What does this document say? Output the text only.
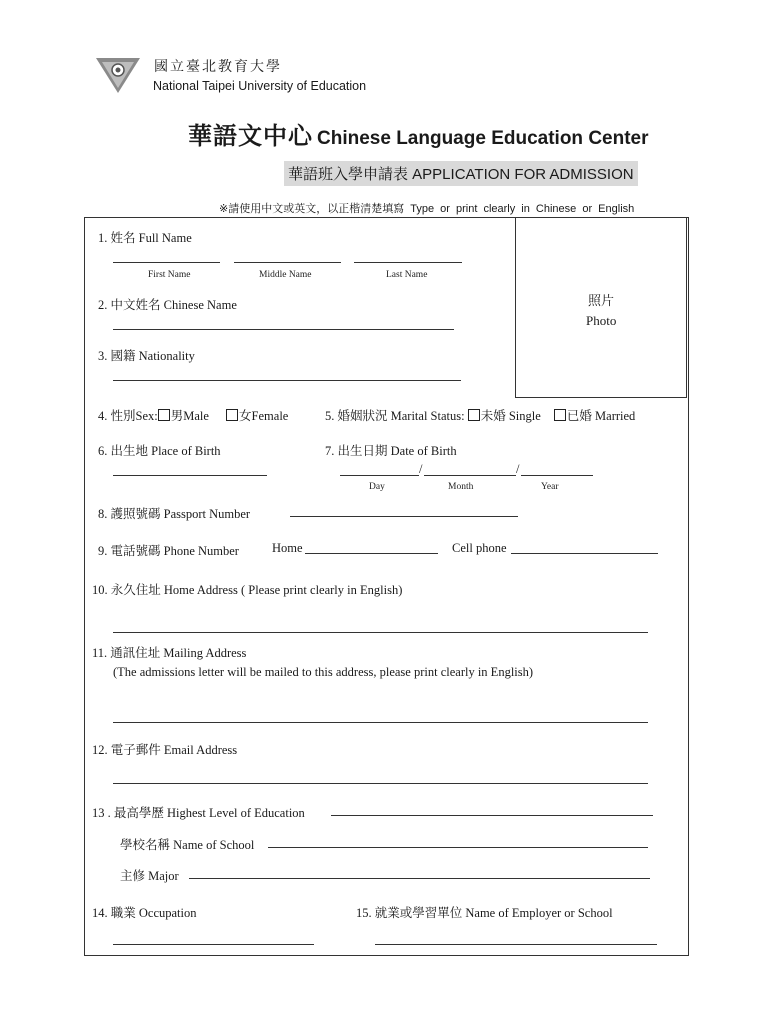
國立臺北教育大學
National Taipei University of Education
華語文中心 Chinese Language Education Center
華語班入學申請表 APPLICATION FOR ADMISSION
※請使用中文或英文，以正楷清楚填寫 Type or print clearly in Chinese or English
照片
Photo
1. 姓名 Full Name
First Name	Middle Name	Last Name
2. 中文姓名 Chinese Name
3. 國籍 Nationality
4. 性別Sex: 男Male 女Female	5. 婚姻狀況 Marital Status: 未婚 Single 已婚 Married
6. 出生地 Place of Birth	7. 出生日期 Date of Birth
/	/
Day	Month	Year
8. 護照號碼 Passport Number
9. 電話號碼 Phone Number	Home	Cell phone
10. 永久住址 Home Address ( Please print clearly in English)
11. 通訊住址 Mailing Address
(The admissions letter will be mailed to this address, please print clearly in English)
12. 電子郵件 Email Address
13 . 最高學歷 Highest Level of Education
學校名稱 Name of School
主修 Major
14. 職業 Occupation	15. 就業或學習單位 Name of Employer or School
